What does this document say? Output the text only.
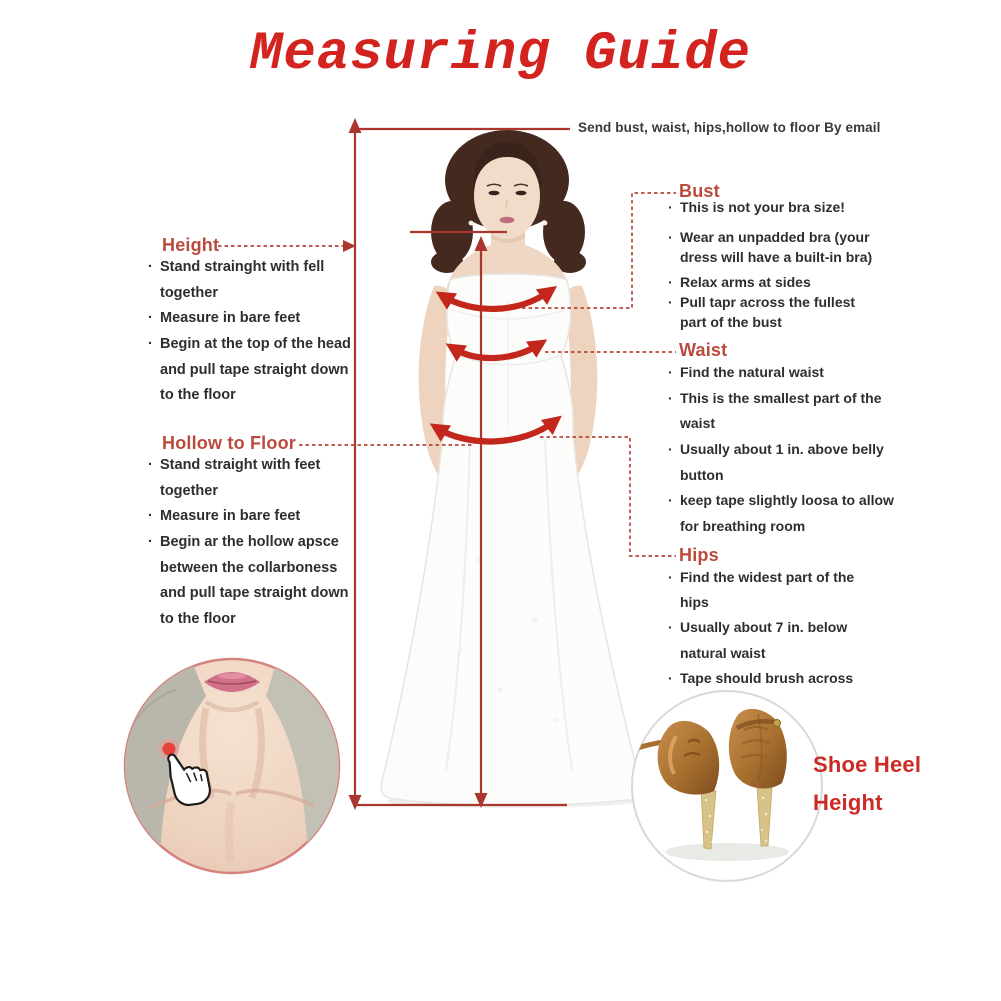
Measuring Guide
Send bust, waist, hips,hollow to floor By email
Height
· Stand strainght with fell
together
· Measure in bare feet
· Begin at the top of the head
and pull tape straight down
to the floor
Hollow to Floor
· Stand straight with feet
together
· Measure in bare feet
· Begin ar the hollow apsce
between the collarboness
and pull tape straight down
to the floor
Bust
· This is not your bra size!
· Wear an unpadded bra (your
dress will have a built-in bra)
· Relax arms at sides
· Pull tapr across the fullest
part of the bust
Waist
· Find the natural waist
· This is the smallest part of the
waist
· Usually about 1 in. above belly
button
· keep tape slightly loosa to allow
for breathing room
Hips
· Find the widest part of the
hips
· Usually about 7 in. below
natural waist
· Tape should brush across
Shoe Heel
Height
